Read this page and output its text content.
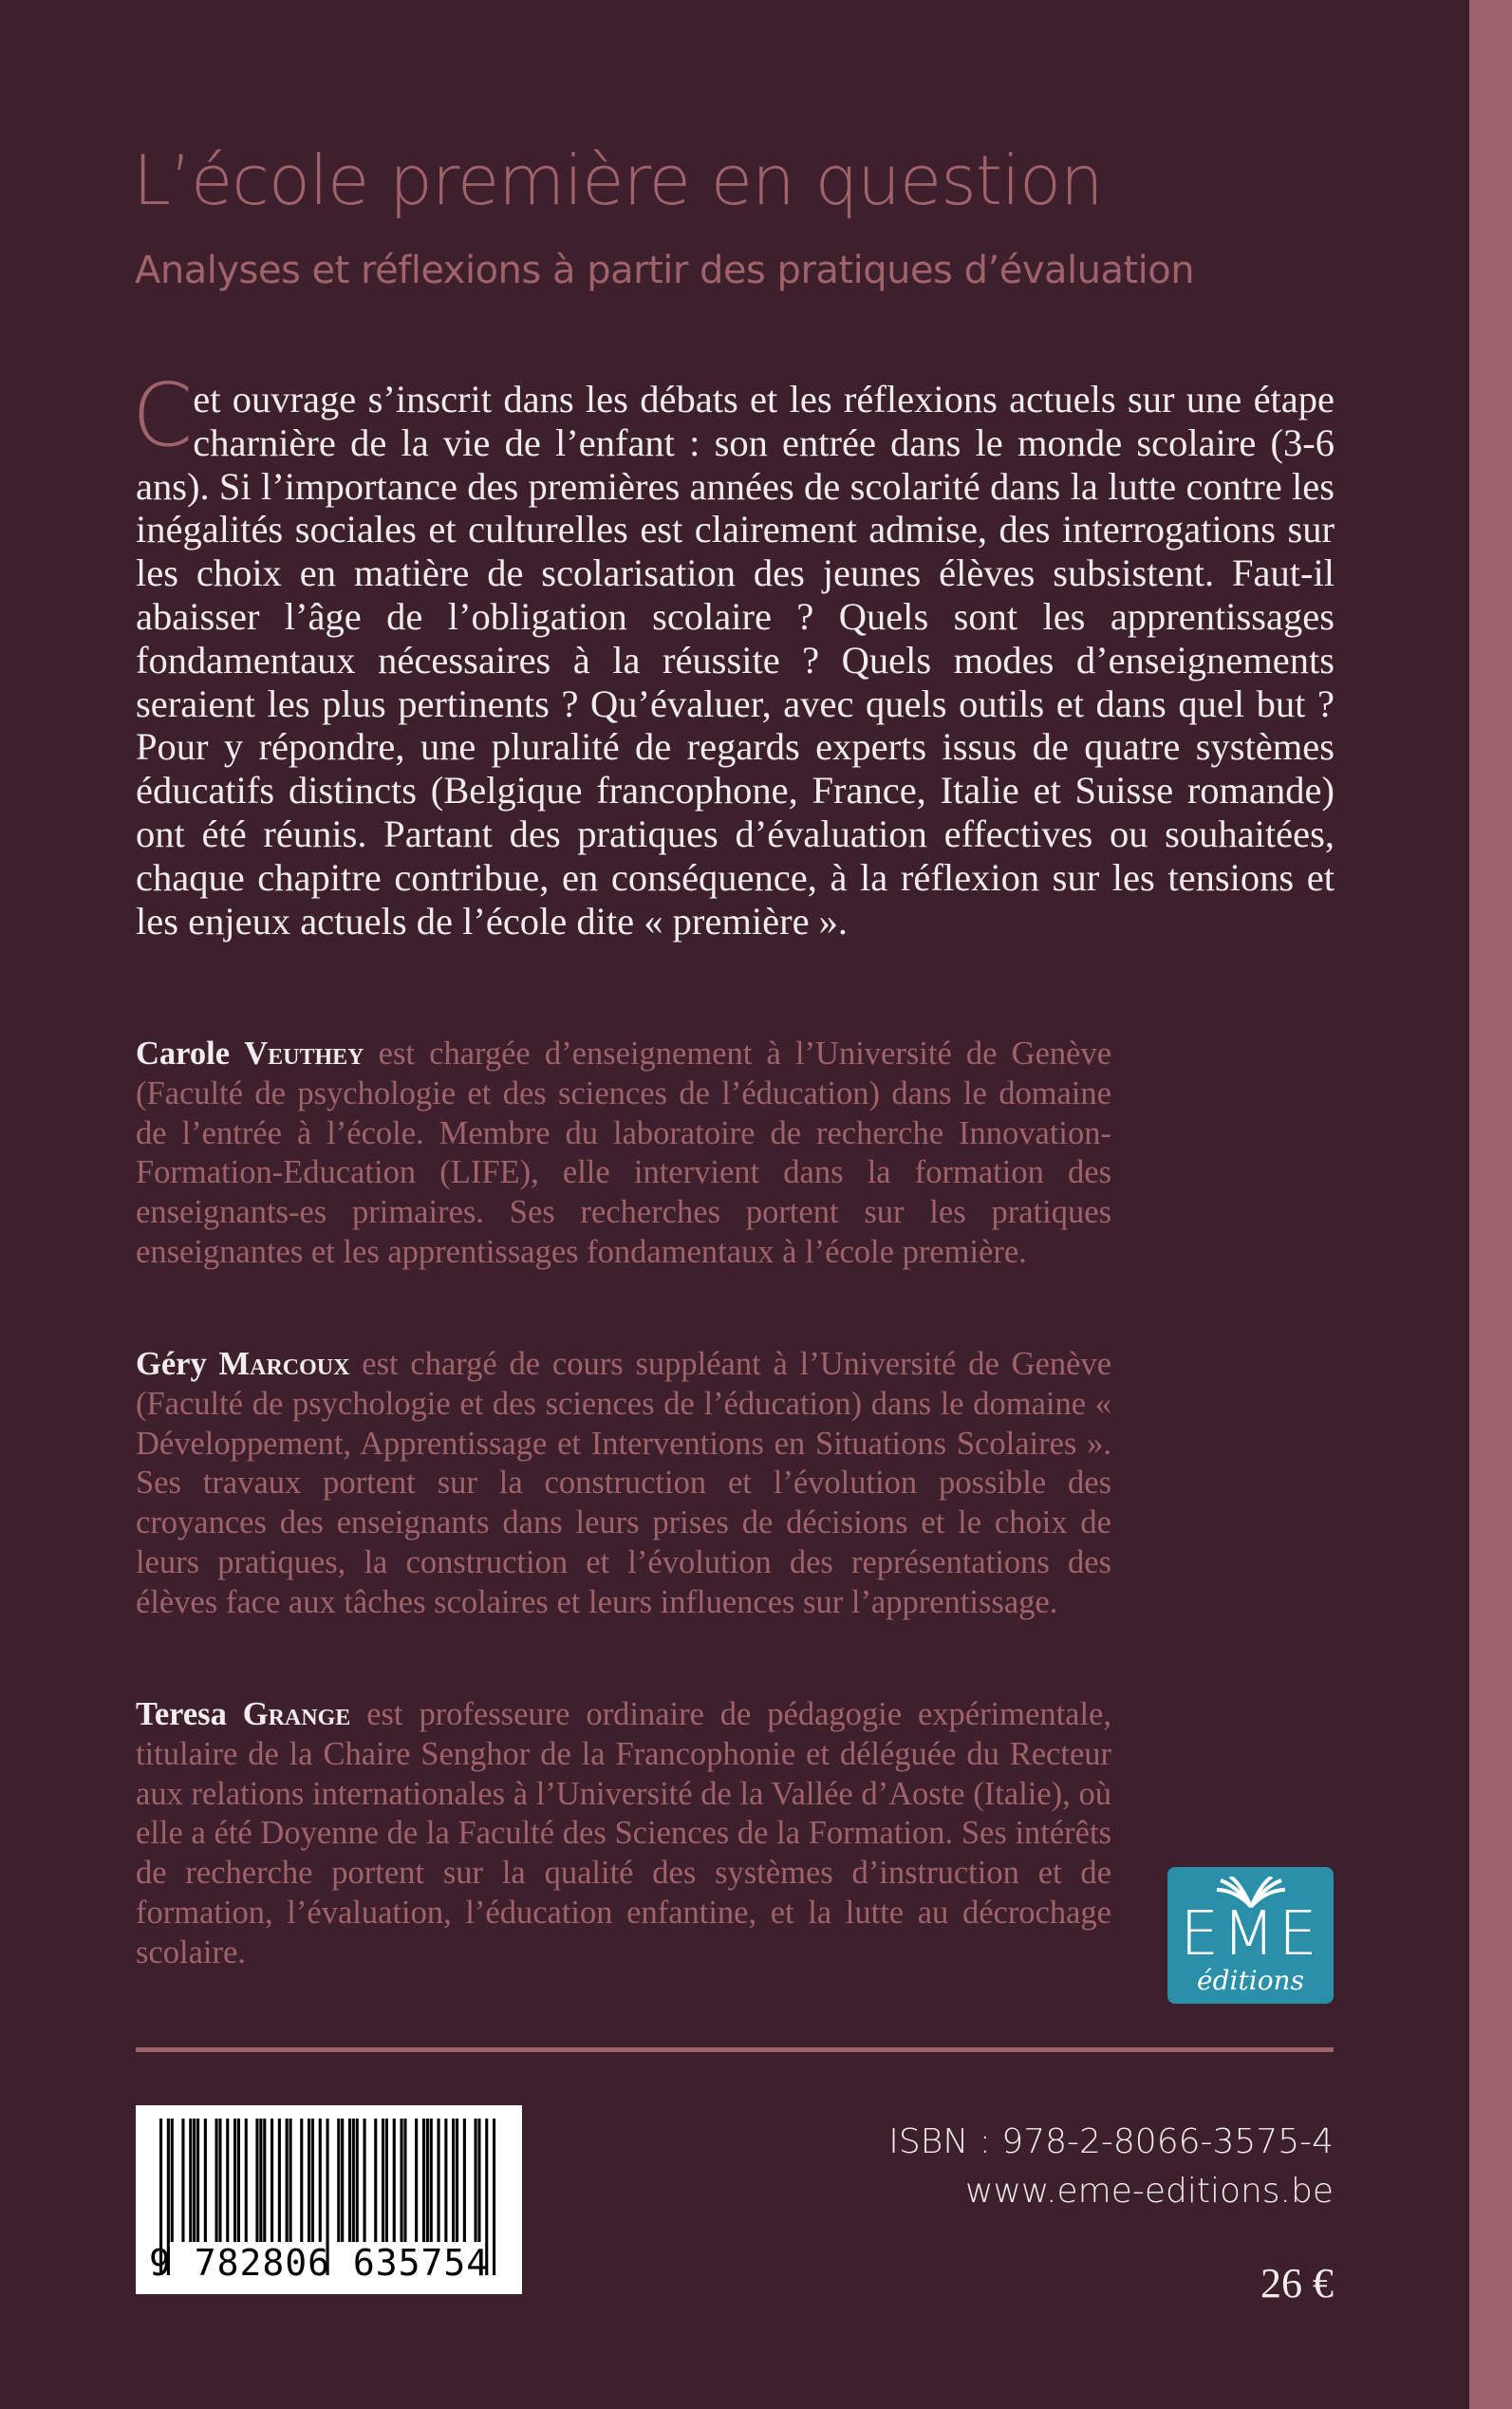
L’école première en question
Analyses et réflexions à partir des pratiques d’évaluation

Cet ouvrage s’inscrit dans les débats et les réflexions actuels sur une étape charnière de la vie de l’enfant : son entrée dans le monde scolaire (3-6 ans). Si l’importance des premières années de scolarité dans la lutte contre les inégalités sociales et culturelles est clairement admise, des interrogations sur les choix en matière de scolarisation des jeunes élèves subsistent. Faut-il abaisser l’âge de l’obligation scolaire ? Quels sont les apprentissages fondamentaux nécessaires à la réussite ? Quels modes d’enseignements seraient les plus pertinents ? Qu’évaluer, avec quels outils et dans quel but ? Pour y répondre, une pluralité de regards experts issus de quatre systèmes éducatifs distincts (Belgique francophone, France, Italie et Suisse romande) ont été réunis. Partant des pratiques d’évaluation effectives ou souhaitées, chaque chapitre contribue, en conséquence, à la réflexion sur les tensions et les enjeux actuels de l’école dite « première ».

Carole Veuthey est chargée d’enseignement à l’Université de Genève (Faculté de psychologie et des sciences de l’éducation) dans le domaine de l’entrée à l’école. Membre du laboratoire de recherche Innovation-Formation-Education (LIFE), elle intervient dans la formation des enseignants-es primaires. Ses recherches portent sur les pratiques enseignantes et les apprentissages fondamentaux à l’école première.

Géry Marcoux est chargé de cours suppléant à l’Université de Genève (Faculté de psychologie et des sciences de l’éducation) dans le domaine « Développement, Apprentissage et Interventions en Situations Scolaires ». Ses travaux portent sur la construction et l’évolution possible des croyances des enseignants dans leurs prises de décisions et le choix de leurs pratiques, la construction et l’évolution des représentations des élèves face aux tâches scolaires et leurs influences sur l’apprentissage.

Teresa Grange est professeure ordinaire de pédagogie expérimentale, titulaire de la Chaire Senghor de la Francophonie et déléguée du Recteur aux relations internationales à l’Université de la Vallée d’Aoste (Italie), où elle a été Doyenne de la Faculté des Sciences de la Formation. Ses intérêts de recherche portent sur la qualité des systèmes d’instruction et de formation, l’évaluation, l’éducation enfantine, et la lutte au décrochage scolaire.	EME
éditions
9 782806 635754
ISBN : 978-2-8066-3575-4
www.eme-editions.be
26 €
